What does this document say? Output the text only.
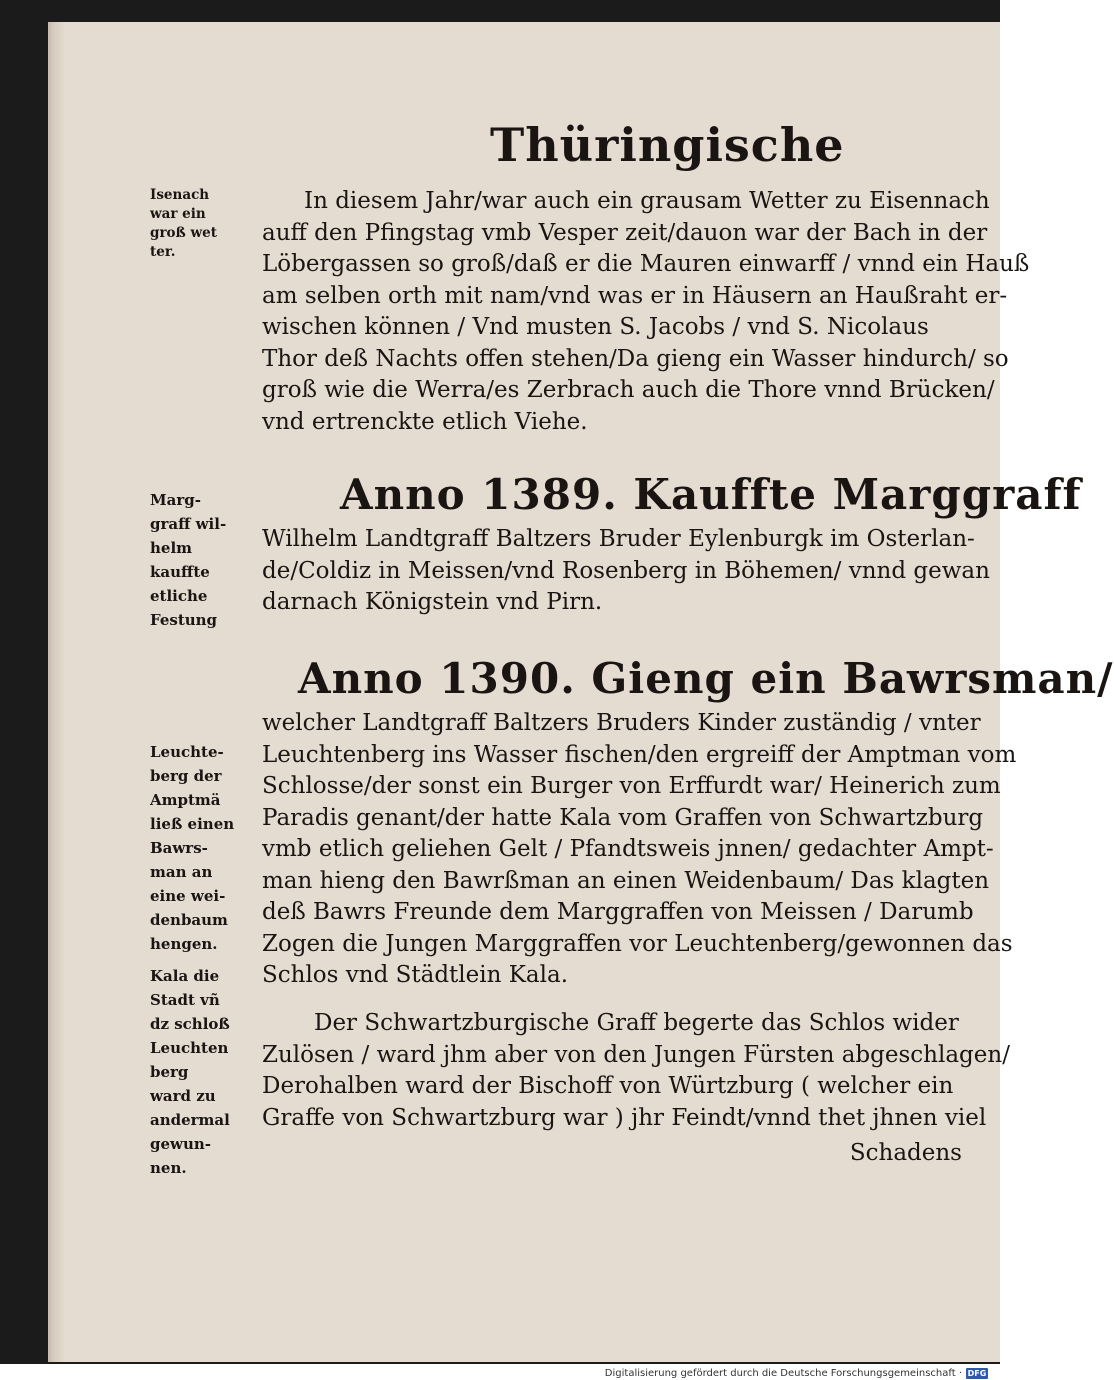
Thüringische
In diesem Jahr/war auch ein grausam Wetter zu Eisennach
auff den Pfingstag vmb Vesper zeit/dauon war der Bach in der
Löbergassen so groß/daß er die Mauren einwarff / vnnd ein Hauß
am selben orth mit nam/vnd was er in Häusern an Haußraht er-
wischen können / Vnd musten S. Jacobs / vnd S. Nicolaus
Thor deß Nachts offen stehen/Da gieng ein Wasser hindurch/ so
groß wie die Werra/es Zerbrach auch die Thore vnnd Brücken/
vnd ertrenckte etlich Viehe.
Anno 1389. Kauffte Marggraff
Wilhelm Landtgraff Baltzers Bruder Eylenburgk im Osterlan-
de/Coldiz in Meissen/vnd Rosenberg in Böhemen/ vnnd gewan
darnach Königstein vnd Pirn.
Anno 1390. Gieng ein Bawrsman/
welcher Landtgraff Baltzers Bruders Kinder zuständig / vnter
Leuchtenberg ins Wasser fischen/den ergreiff der Amptman vom
Schlosse/der sonst ein Burger von Erffurdt war/ Heinerich zum
Paradis genant/der hatte Kala vom Graffen von Schwartzburg
vmb etlich geliehen Gelt / Pfandtsweis jnnen/ gedachter Ampt-
man hieng den Bawrßman an einen Weidenbaum/ Das klagten
deß Bawrs Freunde dem Marggraffen von Meissen / Darumb
Zogen die Jungen Marggraffen vor Leuchtenberg/gewonnen das
Schlos vnd Städtlein Kala.
Der Schwartzburgische Graff begerte das Schlos wider
Zulösen / ward jhm aber von den Jungen Fürsten abgeschlagen/
Derohalben ward der Bischoff von Würtzburg ( welcher ein
Graffe von Schwartzburg war ) jhr Feindt/vnnd thet jhnen viel
Schadens
Isenach
war ein
groß wet
ter.
Marg-
graff wil-
helm
kauffte
etliche
Festung
Leuchte-
berg der
Amptmä
ließ einen
Bawrs-
man an
eine wei-
denbaum
hengen.
Kala die
Stadt vñ
dz schloß
Leuchten
berg
ward zu
andermal
gewun-
nen.
Digitalisierung gefördert durch die Deutsche Forschungsgemeinschaft · DFG
